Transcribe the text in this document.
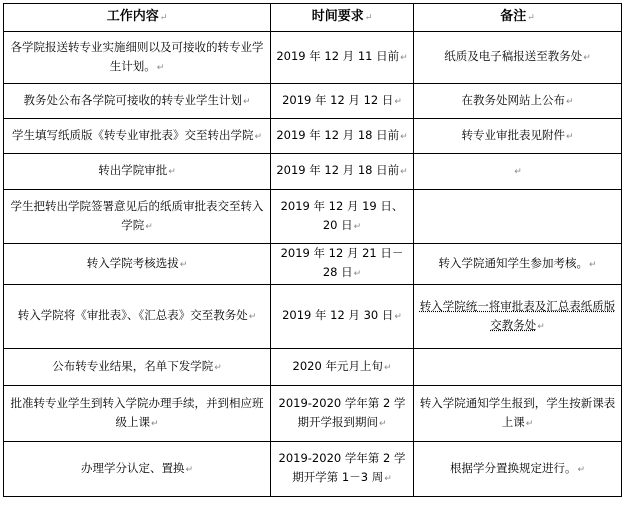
工作内容↵	时间要求↵	备注↵
各学院报送转专业实施细则以及可接收的转专业学生计划。↵	2019 年 12 月 11 日前↵	纸质及电子稿报送至教务处↵
教务处公布各学院可接收的转专业学生计划↵	2019 年 12 月 12 日↵	在教务处网站上公布↵
学生填写纸质版《转专业审批表》交至转出学院↵	2019 年 12 月 18 日前↵	转专业审批表见附件↵
转出学院审批↵	2019 年 12 月 18 日前↵	↵
学生把转出学院签署意见后的纸质审批表交至转入学院↵	2019 年 12 月 19 日、20 日↵	
转入学院考核选拔↵	2019 年 12 月 21 日－28 日↵	转入学院通知学生参加考核。↵
转入学院将《审批表》、《汇总表》交至教务处↵	2019 年 12 月 30 日↵	转入学院统一将审批表及汇总表纸质版交教务处↵
公布转专业结果，名单下发学院↵	2020 年元月上旬↵	
批准转专业学生到转入学院办理手续，并到相应班级上课↵	2019-2020 学年第 2 学期开学报到期间↵	转入学院通知学生报到，学生按新课表上课↵
办理学分认定、置换↵	2019-2020 学年第 2 学期开学第 1－3 周↵	根据学分置换规定进行。↵
